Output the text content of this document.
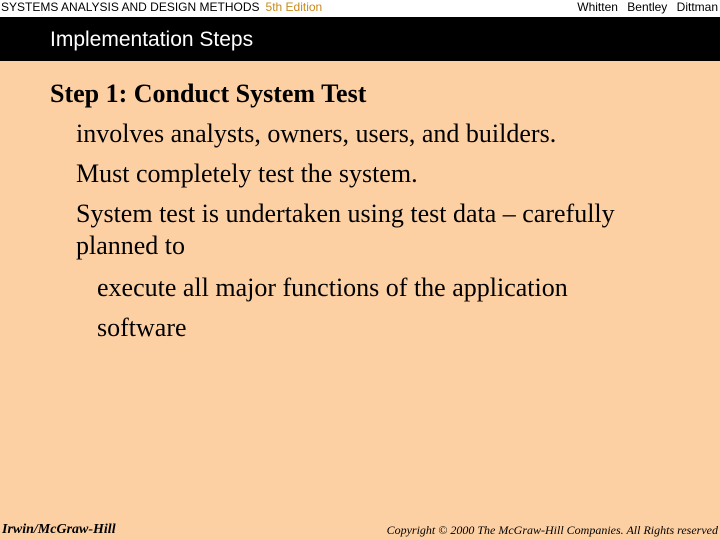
SYSTEMS ANALYSIS AND DESIGN METHODS 5th Edition	Whitten Bentley Dittman
Implementation Steps
Step 1: Conduct System Test
involves analysts, owners, users, and builders.
Must completely test the system.
System test is undertaken using test data – carefully
planned to
execute all major functions of the application
software
Irwin/McGraw-Hill	Copyright © 2000 The McGraw-Hill Companies. All Rights reserved
